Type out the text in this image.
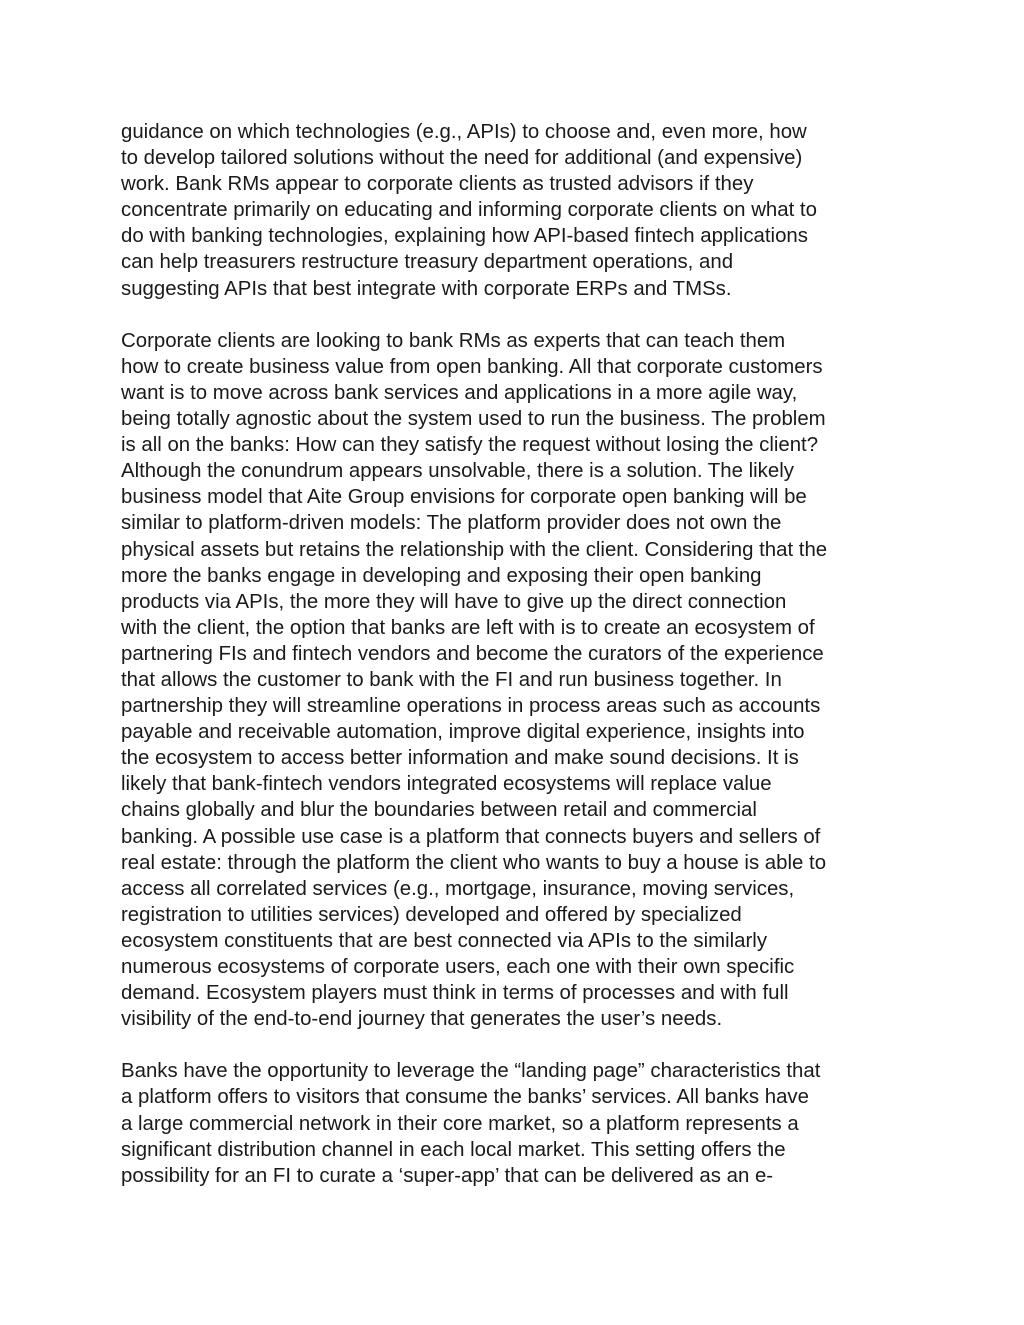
guidance on which technologies (e.g., APIs) to choose and, even more, how
to develop tailored solutions without the need for additional (and expensive)
work. Bank RMs appear to corporate clients as trusted advisors if they
concentrate primarily on educating and informing corporate clients on what to
do with banking technologies, explaining how API-based fintech applications
can help treasurers restructure treasury department operations, and
suggesting APIs that best integrate with corporate ERPs and TMSs.

Corporate clients are looking to bank RMs as experts that can teach them
how to create business value from open banking. All that corporate customers
want is to move across bank services and applications in a more agile way,
being totally agnostic about the system used to run the business. The problem
is all on the banks: How can they satisfy the request without losing the client?
Although the conundrum appears unsolvable, there is a solution. The likely
business model that Aite Group envisions for corporate open banking will be
similar to platform-driven models: The platform provider does not own the
physical assets but retains the relationship with the client. Considering that the
more the banks engage in developing and exposing their open banking
products via APIs, the more they will have to give up the direct connection
with the client, the option that banks are left with is to create an ecosystem of
partnering FIs and fintech vendors and become the curators of the experience
that allows the customer to bank with the FI and run business together. In
partnership they will streamline operations in process areas such as accounts
payable and receivable automation, improve digital experience, insights into
the ecosystem to access better information and make sound decisions. It is
likely that bank-fintech vendors integrated ecosystems will replace value
chains globally and blur the boundaries between retail and commercial
banking. A possible use case is a platform that connects buyers and sellers of
real estate: through the platform the client who wants to buy a house is able to
access all correlated services (e.g., mortgage, insurance, moving services,
registration to utilities services) developed and offered by specialized
ecosystem constituents that are best connected via APIs to the similarly
numerous ecosystems of corporate users, each one with their own specific
demand. Ecosystem players must think in terms of processes and with full
visibility of the end-to-end journey that generates the user’s needs.

Banks have the opportunity to leverage the “landing page” characteristics that
a platform offers to visitors that consume the banks’ services. All banks have
a large commercial network in their core market, so a platform represents a
significant distribution channel in each local market. This setting offers the
possibility for an FI to curate a ‘super-app’ that can be delivered as an e-
